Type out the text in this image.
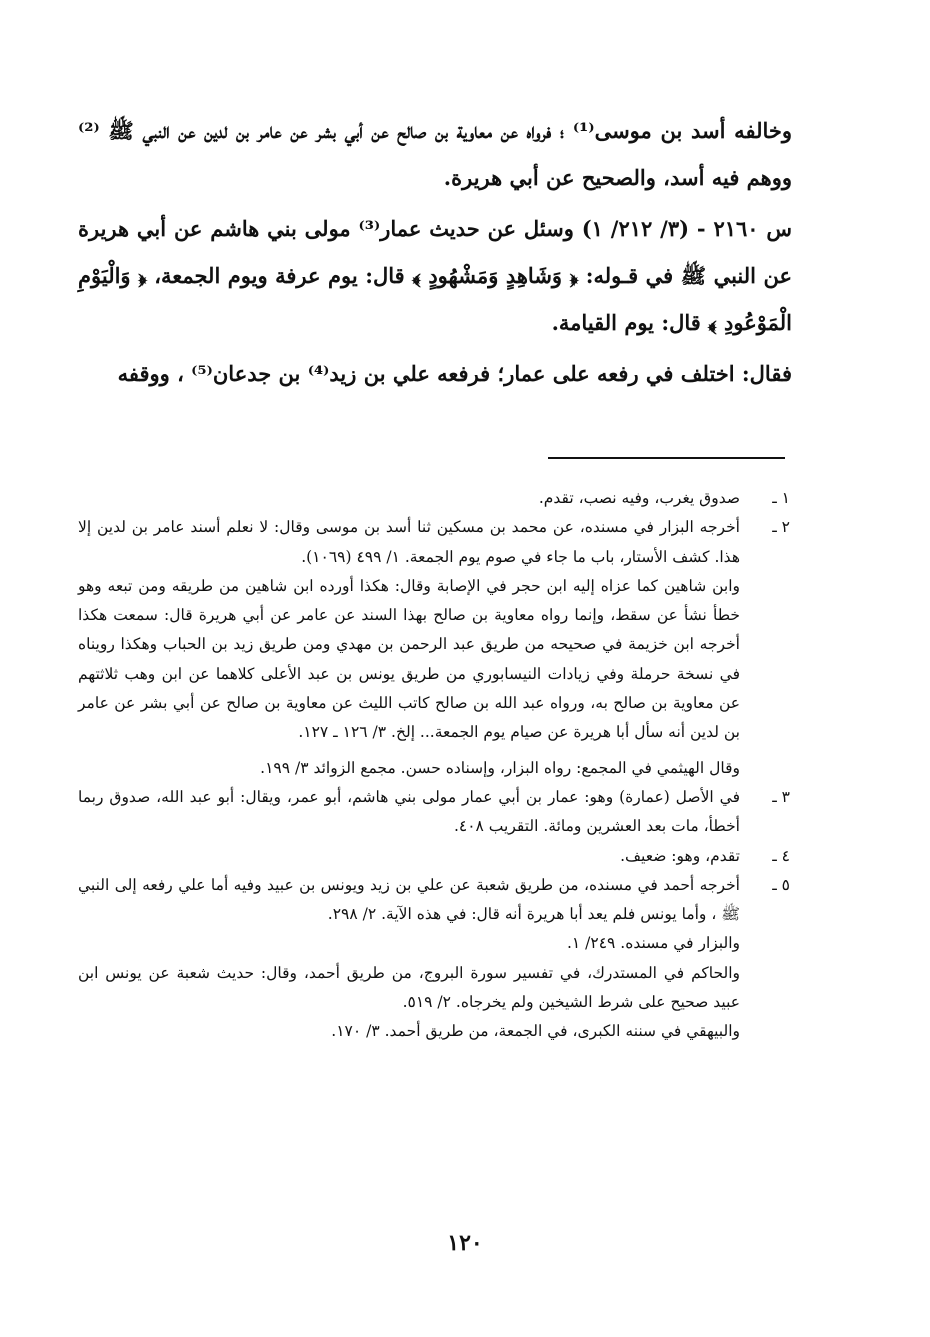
وخالفه أسد بن موسى⁽¹⁾ ؛ فرواه عن معاوية بن صالح عن أبي بشر عن عامر بن لدين عن النبي ﷺ ⁽²⁾ ووهم فيه أسد، والصحيح عن أبي هريرة.

س ٢١٦٠ - (٣/ ٢١٢/ ١) وسئل عن حديث عمار⁽³⁾ مولى بني هاشم عن أبي هريرة عن النبي ﷺ في قـوله: ﴿ وَشَاهِدٍ وَمَشْهُودٍ ﴾ قال: يوم عرفة ويوم الجمعة، ﴿ وَالْيَوْمِ الْمَوْعُودِ ﴾ قال: يوم القيامة.

فقال: اختلف في رفعه على عمار؛ فرفعه علي بن زيد⁽⁴⁾ بن جدعان⁽⁵⁾ ، ووقفه

١ ـ
صدوق يغرب، وفيه نصب، تقدم.
٢ ـ
أخرجه البزار في مسنده، عن محمد بن مسكين ثنا أسد بن موسى وقال: لا نعلم أسند عامر بن لدين إلا هذا. كشف الأستار، باب ما جاء في صوم يوم الجمعة. ١/ ٤٩٩ (١٠٦٩).
وابن شاهين كما عزاه إليه ابن حجر في الإصابة وقال: هكذا أورده ابن شاهين من طريقه ومن تبعه وهو خطأ نشأ عن سقط، وإنما رواه معاوية بن صالح بهذا السند عن عامر عن أبي هريرة قال: سمعت هكذا أخرجه ابن خزيمة في صحيحه من طريق عبد الرحمن بن مهدي ومن طريق زيد بن الحباب وهكذا رويناه في نسخة حرملة وفي زيادات النيسابوري من طريق يونس بن عبد الأعلى كلاهما عن ابن وهب ثلاثتهم عن معاوية بن صالح به، ورواه عبد الله بن صالح كاتب الليث عن معاوية بن صالح عن أبي بشر عن عامر بن لدين أنه سأل أبا هريرة عن صيام يوم الجمعة... إلخ. ٣/ ١٢٦ ـ ١٢٧.
وقال الهيثمي في المجمع: رواه البزار، وإسناده حسن. مجمع الزوائد ٣/ ١٩٩.
٣ ـ
في الأصل (عمارة) وهو: عمار بن أبي عمار مولى بني هاشم، أبو عمر، ويقال: أبو عبد الله، صدوق ربما أخطأ، مات بعد العشرين ومائة. التقريب ٤٠٨.
٤ ـ
تقدم، وهو: ضعيف.
٥ ـ
أخرجه أحمد في مسنده، من طريق شعبة عن علي بن زيد ويونس بن عبيد وفيه أما علي رفعه إلى النبي ﷺ ، وأما يونس فلم يعد أبا هريرة أنه قال: في هذه الآية. ٢/ ٢٩٨.
والبزار في مسنده. ٢٤٩/ ١.
والحاكم في المستدرك، في تفسير سورة البروج، من طريق أحمد، وقال: حديث شعبة عن يونس ابن عبيد صحيح على شرط الشيخين ولم يخرجاه. ٢/ ٥١٩.
والبيهقي في سننه الكبرى، في الجمعة، من طريق أحمد. ٣/ ١٧٠.
١٢٠
